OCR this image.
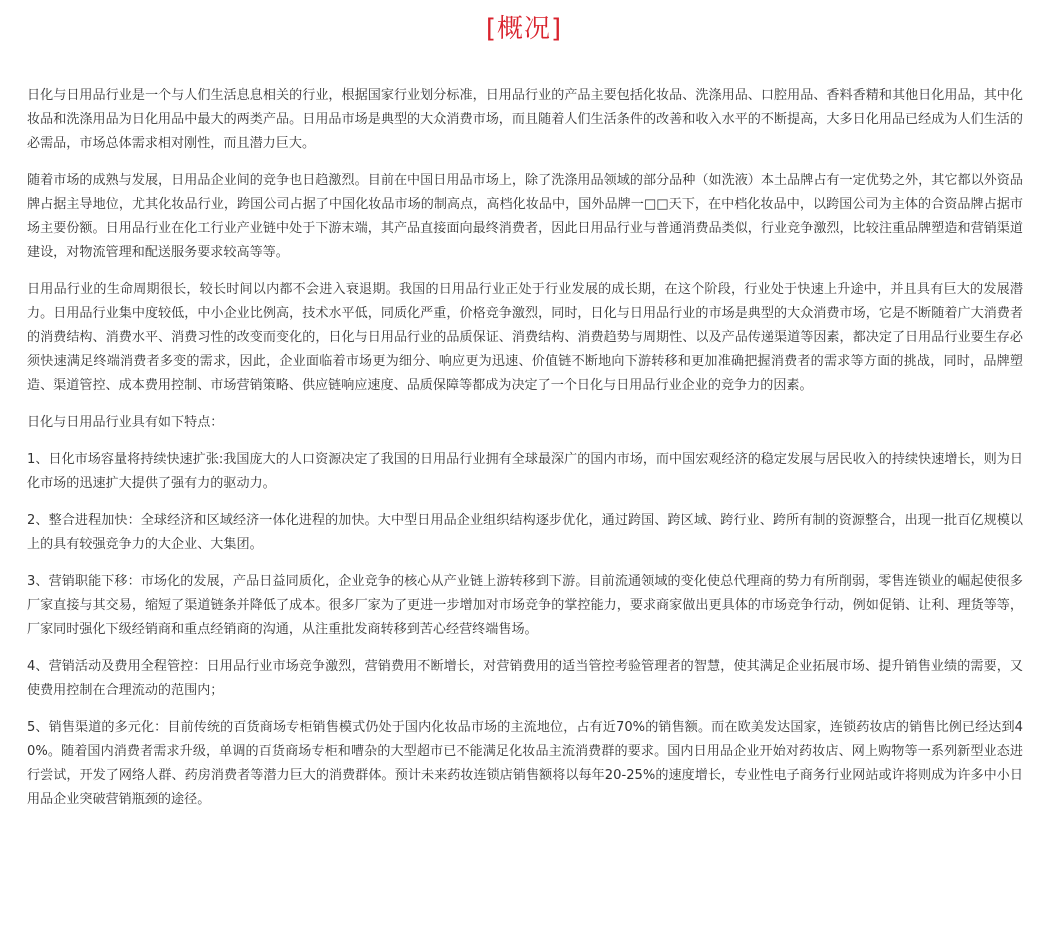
[概况]

日化与日用品行业是一个与人们生活息息相关的行业，根据国家行业划分标准，日用品行业的产品主要包括化妆品、洗涤用品、口腔用品、香料香精和其他日化用品，其中化妆品和洗涤用品为日化用品中最大的两类产品。日用品市场是典型的大众消费市场，而且随着人们生活条件的改善和收入水平的不断提高，大多日化用品已经成为人们生活的必需品，市场总体需求相对刚性，而且潜力巨大。

随着市场的成熟与发展，日用品企业间的竞争也日趋激烈。目前在中国日用品市场上，除了洗涤用品领域的部分品种（如洗液）本土品牌占有一定优势之外，其它都以外资品牌占据主导地位，尤其化妆品行业，跨国公司占据了中国化妆品市场的制高点，高档化妆品中，国外品牌一□□天下，在中档化妆品中，以跨国公司为主体的合资品牌占据市场主要份额。日用品行业在化工行业产业链中处于下游末端，其产品直接面向最终消费者，因此日用品行业与普通消费品类似，行业竞争激烈，比较注重品牌塑造和营销渠道建设，对物流管理和配送服务要求较高等等。

日用品行业的生命周期很长，较长时间以内都不会进入衰退期。我国的日用品行业正处于行业发展的成长期，在这个阶段，行业处于快速上升途中，并且具有巨大的发展潜力。日用品行业集中度较低，中小企业比例高，技术水平低，同质化严重，价格竞争激烈，同时，日化与日用品行业的市场是典型的大众消费市场，它是不断随着广大消费者的消费结构、消费水平、消费习性的改变而变化的，日化与日用品行业的品质保证、消费结构、消费趋势与周期性、以及产品传递渠道等因素，都决定了日用品行业要生存必须快速满足终端消费者多变的需求，因此，企业面临着市场更为细分、响应更为迅速、价值链不断地向下游转移和更加准确把握消费者的需求等方面的挑战，同时，品牌塑造、渠道管控、成本费用控制、市场营销策略、供应链响应速度、品质保障等都成为决定了一个日化与日用品行业企业的竞争力的因素。

日化与日用品行业具有如下特点：

1、日化市场容量将持续快速扩张:我国庞大的人口资源决定了我国的日用品行业拥有全球最深广的国内市场，而中国宏观经济的稳定发展与居民收入的持续快速增长，则为日化市场的迅速扩大提供了强有力的驱动力。

2、整合进程加快：全球经济和区域经济一体化进程的加快。大中型日用品企业组织结构逐步优化，通过跨国、跨区域、跨行业、跨所有制的资源整合，出现一批百亿规模以上的具有较强竞争力的大企业、大集团。

3、营销职能下移：市场化的发展，产品日益同质化，企业竞争的核心从产业链上游转移到下游。目前流通领域的变化使总代理商的势力有所削弱，零售连锁业的崛起使很多厂家直接与其交易，缩短了渠道链条并降低了成本。很多厂家为了更进一步增加对市场竞争的掌控能力，要求商家做出更具体的市场竞争行动，例如促销、让利、理货等等，厂家同时强化下级经销商和重点经销商的沟通，从注重批发商转移到苦心经营终端售场。

4、营销活动及费用全程管控：日用品行业市场竞争激烈，营销费用不断增长，对营销费用的适当管控考验管理者的智慧，使其满足企业拓展市场、提升销售业绩的需要，又使费用控制在合理流动的范围内；

5、销售渠道的多元化：目前传统的百货商场专柜销售模式仍处于国内化妆品市场的主流地位，占有近70%的销售额。而在欧美发达国家，连锁药妆店的销售比例已经达到40%。随着国内消费者需求升级，单调的百货商场专柜和嘈杂的大型超市已不能满足化妆品主流消费群的要求。国内日用品企业开始对药妆店、网上购物等一系列新型业态进行尝试，开发了网络人群、药房消费者等潜力巨大的消费群体。预计未来药妆连锁店销售额将以每年20-25%的速度增长，专业性电子商务行业网站或许将则成为许多中小日用品企业突破营销瓶颈的途径。
